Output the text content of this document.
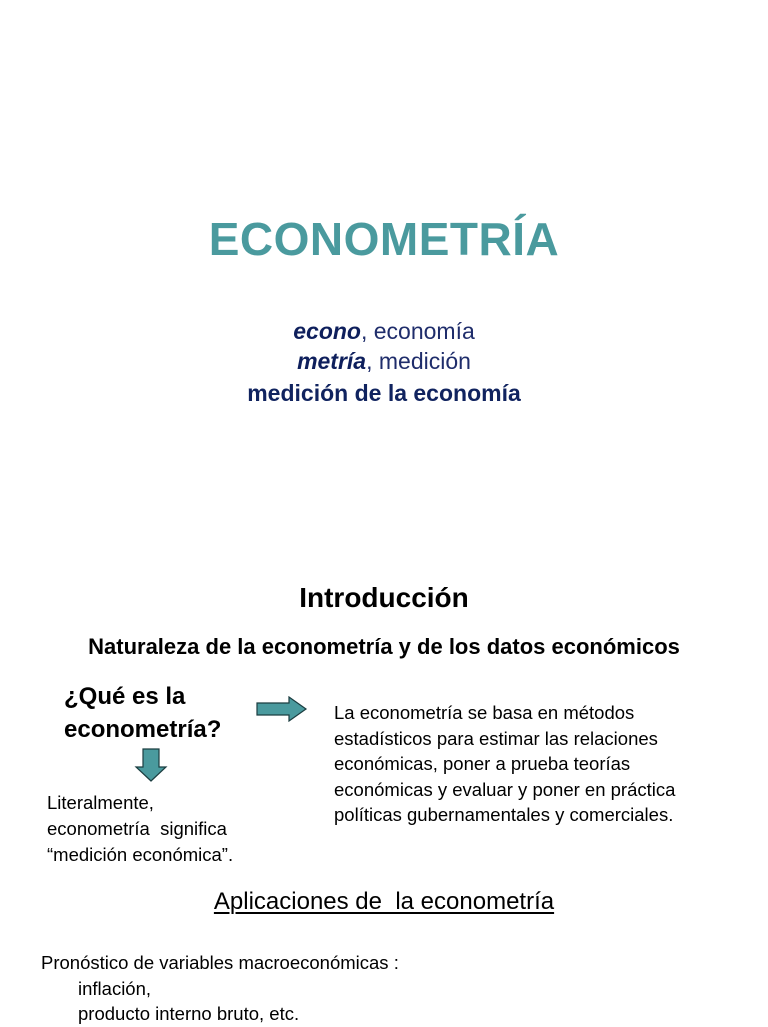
ECONOMETRÍA
econo, economía
metría, medición
medición de la economía
Introducción
Naturaleza de la econometría y de los datos económicos
¿Qué es la
econometría?
La econometría se basa en métodos
estadísticos para estimar las relaciones
económicas, poner a prueba teorías
económicas y evaluar y poner en práctica
políticas gubernamentales y comerciales.
Literalmente,
econometría  significa
“medición económica”.
Aplicaciones de  la econometría
Pronóstico de variables macroeconómicas :
inflación,
producto interno bruto, etc.
